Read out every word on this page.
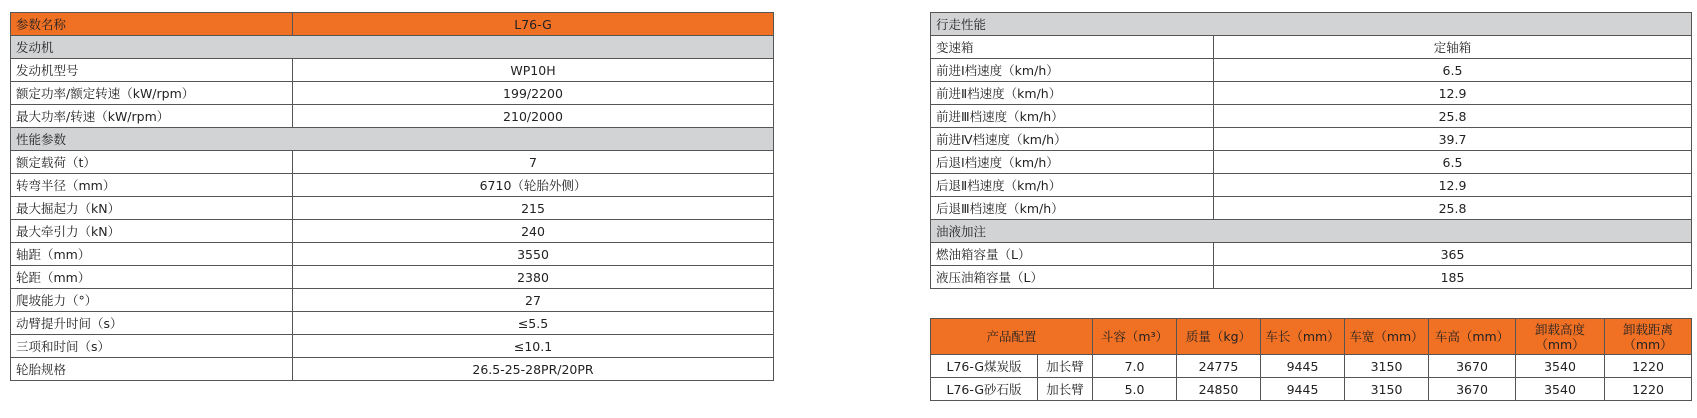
参数名称	L76-G
发动机	
发动机型号	WP10H
额定功率/额定转速（kW/rpm）	199/2200
最大功率/转速（kW/rpm）	210/2000
性能参数	
额定载荷（t）	7
转弯半径（mm）	6710（轮胎外侧）
最大掘起力（kN）	215
最大牵引力（kN）	240
轴距（mm）	3550
轮距（mm）	2380
爬坡能力（°）	27
动臂提升时间（s）	≤5.5
三项和时间（s）	≤10.1
轮胎规格	26.5-25-28PR/20PR
行走性能	
变速箱	定轴箱
前进Ⅰ档速度（km/h）	6.5
前进Ⅱ档速度（km/h）	12.9
前进Ⅲ档速度（km/h）	25.8
前进Ⅳ档速度（km/h）	39.7
后退Ⅰ档速度（km/h）	6.5
后退Ⅱ档速度（km/h）	12.9
后退Ⅲ档速度（km/h）	25.8
油液加注	
燃油箱容量（L）	365
液压油箱容量（L）	185
产品配置		斗容（m³）	质量（kg）	车长（mm）	车宽（mm）	车高（mm）	卸载高度（mm）	卸载距离（mm）
L76-G煤炭版	加长臂	7.0	24775	9445	3150	3670	3540	1220
L76-G砂石版	加长臂	5.0	24850	9445	3150	3670	3540	1220
